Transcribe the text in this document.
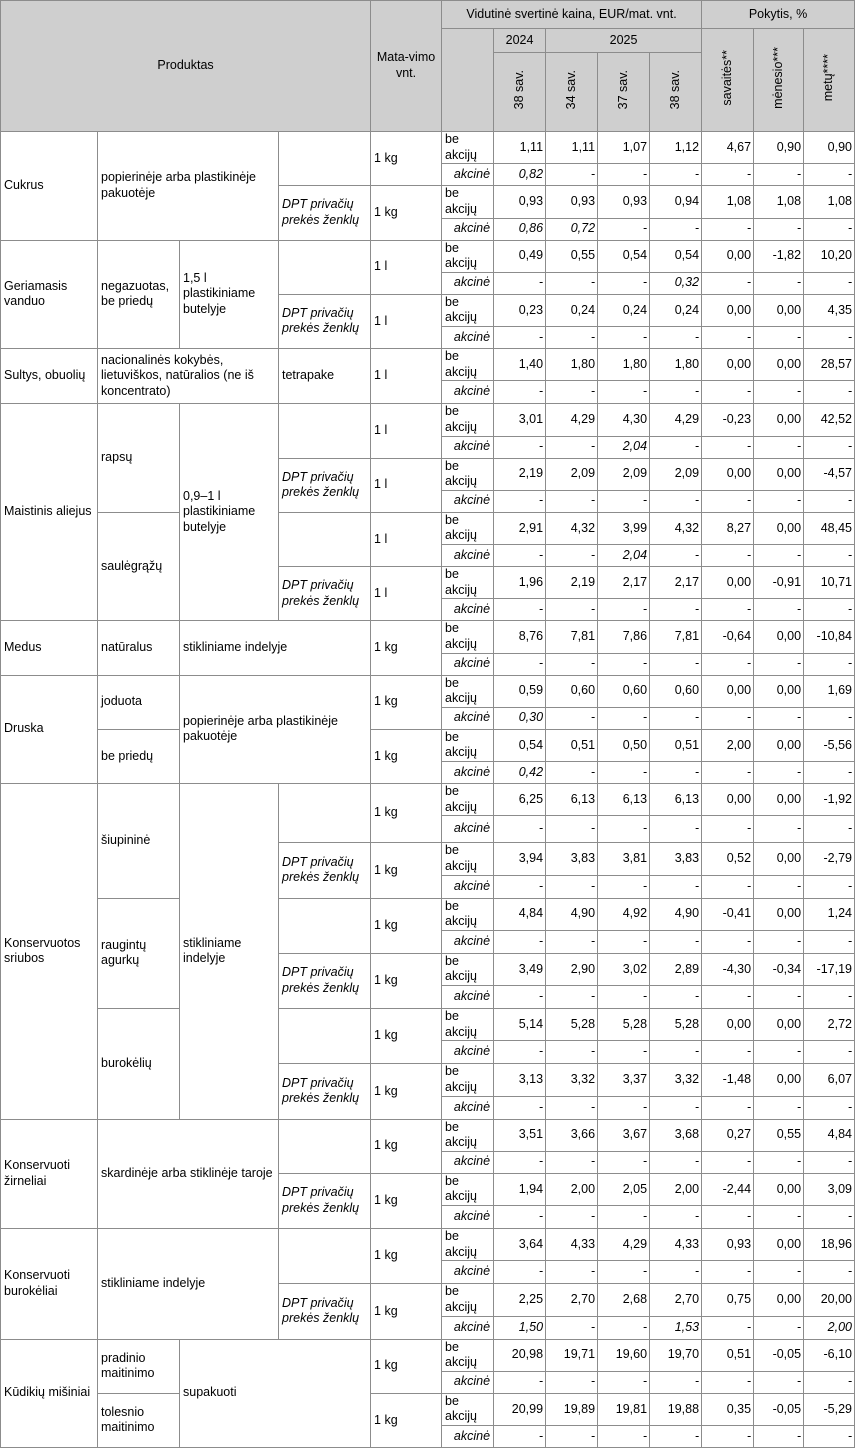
Produktas				Mata-vimo vnt.	Vidutinė svertinė kaina, EUR/mat. vnt.					Pokytis, %		
						2024	2025			savaitės**	mėnesio***	metų****
						38 sav.	34 sav.	37 sav.	38 sav.			
Cukrus	popierinėje arba plastikinėje pakuotėje			1 kg	be akcijų	1,11	1,11	1,07	1,12	4,67	0,90	0,90
					akcinė	0,82	-	-	-	-	-	-
			DPT privačių prekės ženklų	1 kg	be akcijų	0,93	0,93	0,93	0,94	1,08	1,08	1,08
					akcinė	0,86	0,72	-	-	-	-	-
Geriamasis vanduo	negazuotas, be priedų	1,5 l plastikiniame butelyje		1 l	be akcijų	0,49	0,55	0,54	0,54	0,00	-1,82	10,20
					akcinė	-	-	-	0,32	-	-	-
			DPT privačių prekės ženklų	1 l	be akcijų	0,23	0,24	0,24	0,24	0,00	0,00	4,35
					akcinė	-	-	-	-	-	-	-
Sultys, obuolių	nacionalinės kokybės, lietuviškos, natūralios (ne iš koncentrato)		tetrapake	1 l	be akcijų	1,40	1,80	1,80	1,80	0,00	0,00	28,57
					akcinė	-	-	-	-	-	-	-
Maistinis aliejus	rapsų	0,9–1 l plastikiniame butelyje		1 l	be akcijų	3,01	4,29	4,30	4,29	-0,23	0,00	42,52
					akcinė	-	-	2,04	-	-	-	-
			DPT privačių prekės ženklų	1 l	be akcijų	2,19	2,09	2,09	2,09	0,00	0,00	-4,57
					akcinė	-	-	-	-	-	-	-
	saulėgrąžų			1 l	be akcijų	2,91	4,32	3,99	4,32	8,27	0,00	48,45
					akcinė	-	-	2,04	-	-	-	-
			DPT privačių prekės ženklų	1 l	be akcijų	1,96	2,19	2,17	2,17	0,00	-0,91	10,71
					akcinė	-	-	-	-	-	-	-
Medus	natūralus	stikliniame indelyje		1 kg	be akcijų	8,76	7,81	7,86	7,81	-0,64	0,00	-10,84
					akcinė	-	-	-	-	-	-	-
Druska	joduota	popierinėje arba plastikinėje pakuotėje		1 kg	be akcijų	0,59	0,60	0,60	0,60	0,00	0,00	1,69
					akcinė	0,30	-	-	-	-	-	-
	be priedų			1 kg	be akcijų	0,54	0,51	0,50	0,51	2,00	0,00	-5,56
					akcinė	0,42	-	-	-	-	-	-
Konservuotos sriubos	šiupininė	stikliniame indelyje		1 kg	be akcijų	6,25	6,13	6,13	6,13	0,00	0,00	-1,92
					akcinė	-	-	-	-	-	-	-
			DPT privačių prekės ženklų	1 kg	be akcijų	3,94	3,83	3,81	3,83	0,52	0,00	-2,79
					akcinė	-	-	-	-	-	-	-
	raugintų agurkų			1 kg	be akcijų	4,84	4,90	4,92	4,90	-0,41	0,00	1,24
					akcinė	-	-	-	-	-	-	-
			DPT privačių prekės ženklų	1 kg	be akcijų	3,49	2,90	3,02	2,89	-4,30	-0,34	-17,19
					akcinė	-	-	-	-	-	-	-
	burokėlių			1 kg	be akcijų	5,14	5,28	5,28	5,28	0,00	0,00	2,72
					akcinė	-	-	-	-	-	-	-
			DPT privačių prekės ženklų	1 kg	be akcijų	3,13	3,32	3,37	3,32	-1,48	0,00	6,07
					akcinė	-	-	-	-	-	-	-
Konservuoti žirneliai	skardinėje arba stiklinėje taroje			1 kg	be akcijų	3,51	3,66	3,67	3,68	0,27	0,55	4,84
					akcinė	-	-	-	-	-	-	-
			DPT privačių prekės ženklų	1 kg	be akcijų	1,94	2,00	2,05	2,00	-2,44	0,00	3,09
					akcinė	-	-	-	-	-	-	-
Konservuoti burokėliai	stikliniame indelyje			1 kg	be akcijų	3,64	4,33	4,29	4,33	0,93	0,00	18,96
					akcinė	-	-	-	-	-	-	-
			DPT privačių prekės ženklų	1 kg	be akcijų	2,25	2,70	2,68	2,70	0,75	0,00	20,00
					akcinė	1,50	-	-	1,53	-	-	2,00
Kūdikių mišiniai	pradinio maitinimo	supakuoti		1 kg	be akcijų	20,98	19,71	19,60	19,70	0,51	-0,05	-6,10
					akcinė	-	-	-	-	-	-	-
	tolesnio maitinimo			1 kg	be akcijų	20,99	19,89	19,81	19,88	0,35	-0,05	-5,29
					akcinė	-	-	-	-	-	-	-
